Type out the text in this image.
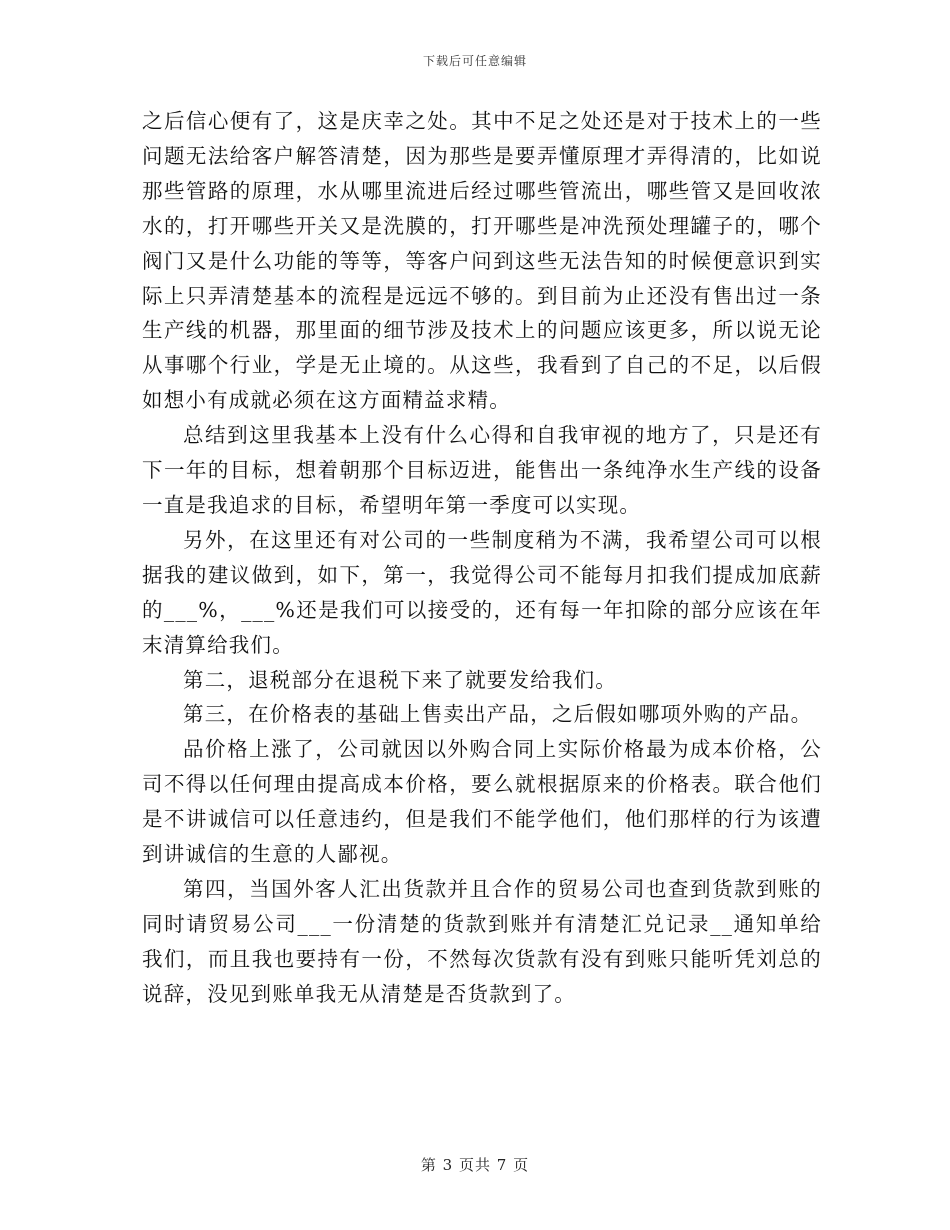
下载后可任意编辑

之后信心便有了，这是庆幸之处。其中不足之处还是对于技术上的一些问题无法给客户解答清楚，因为那些是要弄懂原理才弄得清的，比如说那些管路的原理，水从哪里流进后经过哪些管流出，哪些管又是回收浓水的，打开哪些开关又是洗膜的，打开哪些是冲洗预处理罐子的，哪个阀门又是什么功能的等等，等客户问到这些无法告知的时候便意识到实际上只弄清楚基本的流程是远远不够的。到目前为止还没有售出过一条生产线的机器，那里面的细节涉及技术上的问题应该更多，所以说无论从事哪个行业，学是无止境的。从这些，我看到了自己的不足，以后假如想小有成就必须在这方面精益求精。

总结到这里我基本上没有什么心得和自我审视的地方了，只是还有下一年的目标，想着朝那个目标迈进，能售出一条纯净水生产线的设备一直是我追求的目标，希望明年第一季度可以实现。

另外，在这里还有对公司的一些制度稍为不满，我希望公司可以根据我的建议做到，如下，第一，我觉得公司不能每月扣我们提成加底薪的___%，___%还是我们可以接受的，还有每一年扣除的部分应该在年末清算给我们。

第二，退税部分在退税下来了就要发给我们。

第三，在价格表的基础上售卖出产品，之后假如哪项外购的产品。

品价格上涨了，公司就因以外购合同上实际价格最为成本价格，公司不得以任何理由提高成本价格，要么就根据原来的价格表。联合他们是不讲诚信可以任意违约，但是我们不能学他们，他们那样的行为该遭到讲诚信的生意的人鄙视。

第四，当国外客人汇出货款并且合作的贸易公司也查到货款到账的同时请贸易公司___一份清楚的货款到账并有清楚汇兑记录__通知单给我们，而且我也要持有一份，不然每次货款有没有到账只能听凭刘总的说辞，没见到账单我无从清楚是否货款到了。

第 3 页共 7 页
